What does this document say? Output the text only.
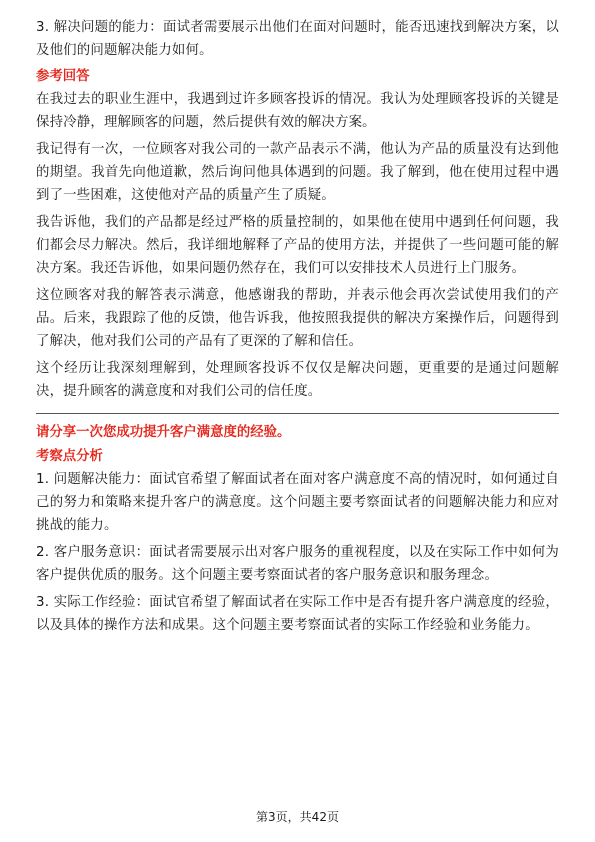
3. 解决问题的能力：面试者需要展示出他们在面对问题时，能否迅速找到解决方案，以及他们的问题解决能力如何。

参考回答

在我过去的职业生涯中，我遇到过许多顾客投诉的情况。我认为处理顾客投诉的关键是保持冷静，理解顾客的问题，然后提供有效的解决方案。

我记得有一次，一位顾客对我公司的一款产品表示不满，他认为产品的质量没有达到他的期望。我首先向他道歉，然后询问他具体遇到的问题。我了解到，他在使用过程中遇到了一些困难，这使他对产品的质量产生了质疑。

我告诉他，我们的产品都是经过严格的质量控制的，如果他在使用中遇到任何问题，我们都会尽力解决。然后，我详细地解释了产品的使用方法，并提供了一些问题可能的解决方案。我还告诉他，如果问题仍然存在，我们可以安排技术人员进行上门服务。

这位顾客对我的解答表示满意，他感谢我的帮助，并表示他会再次尝试使用我们的产品。后来，我跟踪了他的反馈，他告诉我，他按照我提供的解决方案操作后，问题得到了解决，他对我们公司的产品有了更深的了解和信任。

这个经历让我深刻理解到，处理顾客投诉不仅仅是解决问题，更重要的是通过问题解决，提升顾客的满意度和对我们公司的信任度。

请分享一次您成功提升客户满意度的经验。
考察点分析

1. 问题解决能力：面试官希望了解面试者在面对客户满意度不高的情况时，如何通过自己的努力和策略来提升客户的满意度。这个问题主要考察面试者的问题解决能力和应对挑战的能力。

2. 客户服务意识：面试者需要展示出对客户服务的重视程度，以及在实际工作中如何为客户提供优质的服务。这个问题主要考察面试者的客户服务意识和服务理念。

3. 实际工作经验：面试官希望了解面试者在实际工作中是否有提升客户满意度的经验，以及具体的操作方法和成果。这个问题主要考察面试者的实际工作经验和业务能力。

第3页，共42页
